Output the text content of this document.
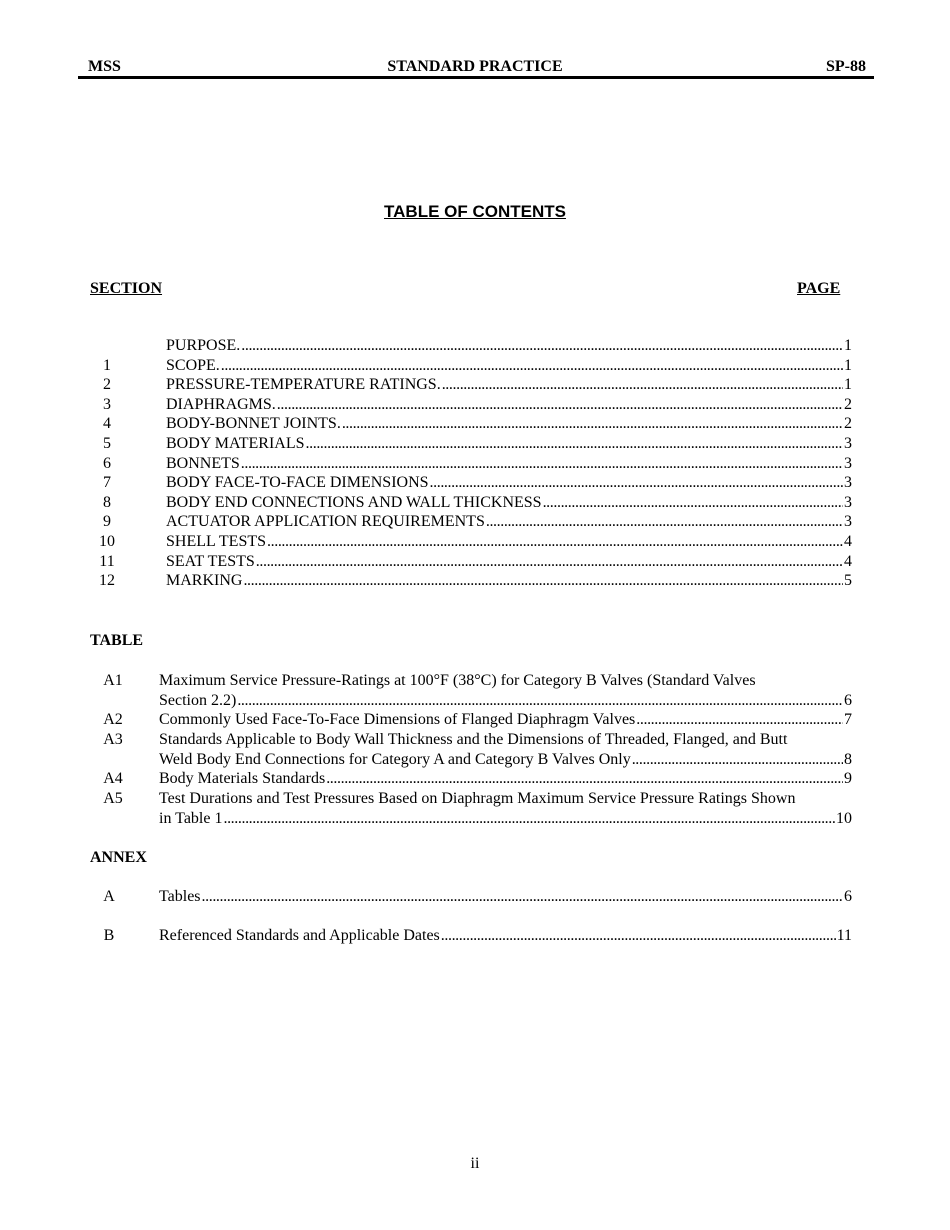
MSS	STANDARD PRACTICE	SP-88
TABLE OF CONTENTS
SECTION	PAGE
PURPOSE. . . .	1
1	SCOPE. . . .	1
2	PRESSURE-TEMPERATURE RATINGS. . . .	1
3	DIAPHRAGMS. . . .	2
4	BODY-BONNET JOINTS. . . .	2
5	BODY MATERIALS . . .	3
6	BONNETS . . .	3
7	BODY FACE-TO-FACE DIMENSIONS . . .	3
8	BODY END CONNECTIONS AND WALL THICKNESS . . .	3
9	ACTUATOR APPLICATION REQUIREMENTS . . .	3
10	SHELL TESTS . . .	4
11	SEAT TESTS . . .	4
12	MARKING . . .	5
TABLE
A1	Maximum Service Pressure-Ratings at 100°F (38°C) for Category B Valves (Standard Valves
Section 2.2) . . .	6
A2	Commonly Used Face-To-Face Dimensions of Flanged Diaphragm Valves . . .	7
A3	Standards Applicable to Body Wall Thickness and the Dimensions of Threaded, Flanged, and Butt
Weld Body End Connections for Category A and Category B Valves Only . . .	8
A4	Body Materials Standards . . .	9
A5	Test Durations and Test Pressures Based on Diaphragm Maximum Service Pressure Ratings Shown
in Table 1 . . .	10
ANNEX
A	Tables . . .	6
B	Referenced Standards and Applicable Dates . . .	11
ii
